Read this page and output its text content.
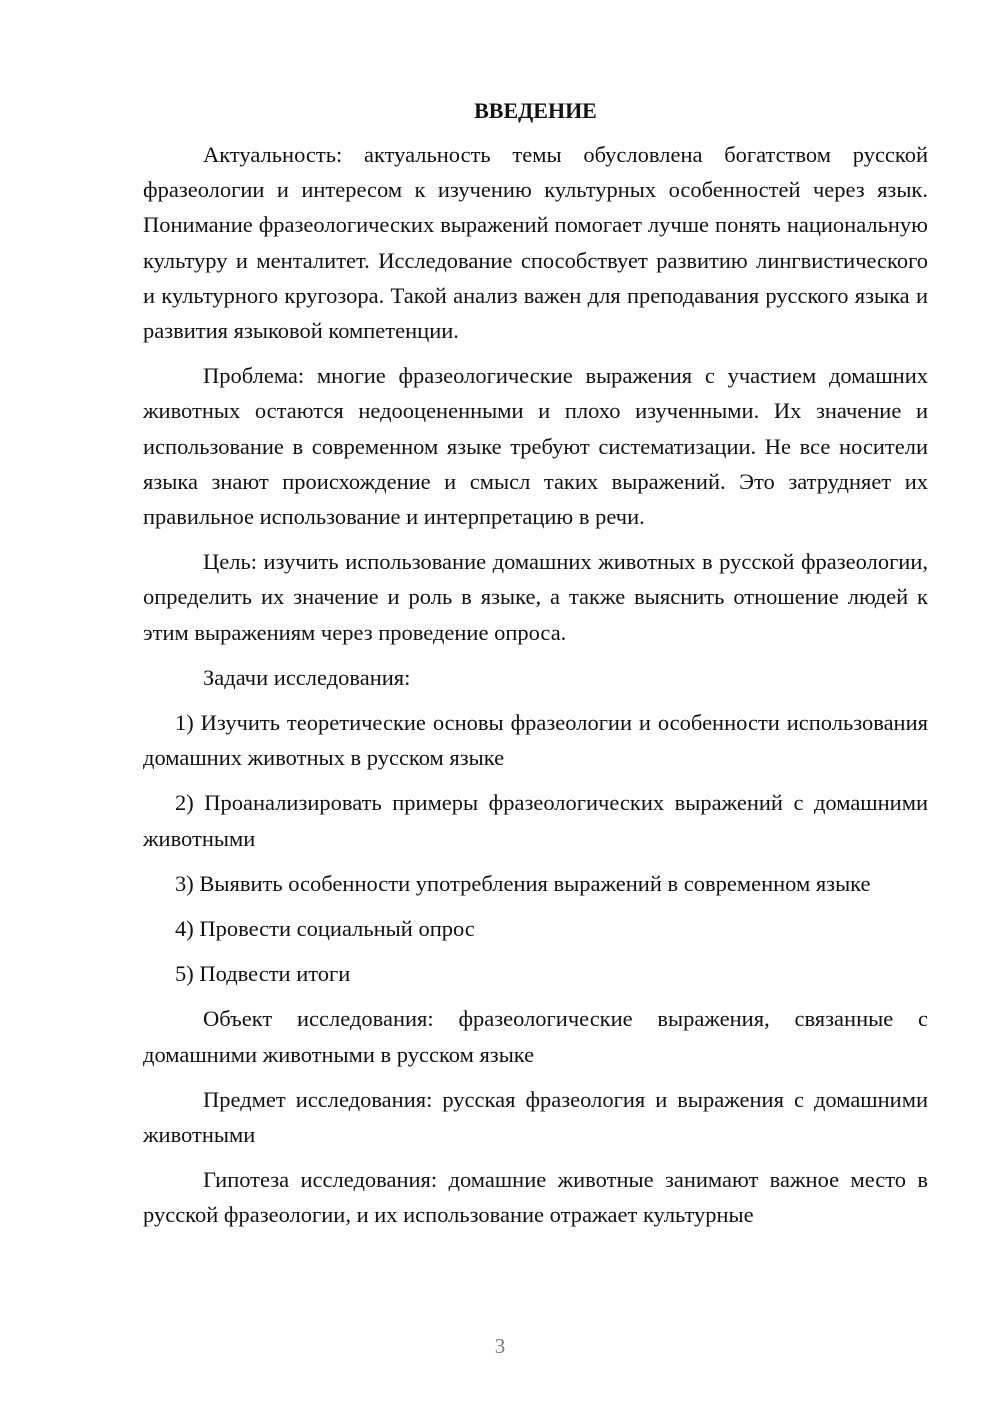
ВВЕДЕНИЕ

Актуальность: актуальность темы обусловлена богатством русской фразеологии и интересом к изучению культурных особенностей через язык. Понимание фразеологических выражений помогает лучше понять национальную культуру и менталитет. Исследование способствует развитию лингвистического и культурного кругозора. Такой анализ важен для преподавания русского языка и развития языковой компетенции.

Проблема: многие фразеологические выражения с участием домашних животных остаются недооцененными и плохо изученными. Их значение и использование в современном языке требуют систематизации. Не все носители языка знают происхождение и смысл таких выражений. Это затрудняет их правильное использование и интерпретацию в речи.

Цель: изучить использование домашних животных в русской фразеологии, определить их значение и роль в языке, а также выяснить отношение людей к этим выражениям через проведение опроса.

Задачи исследования:

1) Изучить теоретические основы фразеологии и особенности использования домашних животных в русском языке

2) Проанализировать примеры фразеологических выражений с домашними животными

3) Выявить особенности употребления выражений в современном языке

4) Провести социальный опрос

5) Подвести итоги

Объект исследования: фразеологические выражения, связанные с домашними животными в русском языке

Предмет исследования: русская фразеология и выражения с домашними животными

Гипотеза исследования: домашние животные занимают важное место в русской фразеологии, и их использование отражает культурные

3
